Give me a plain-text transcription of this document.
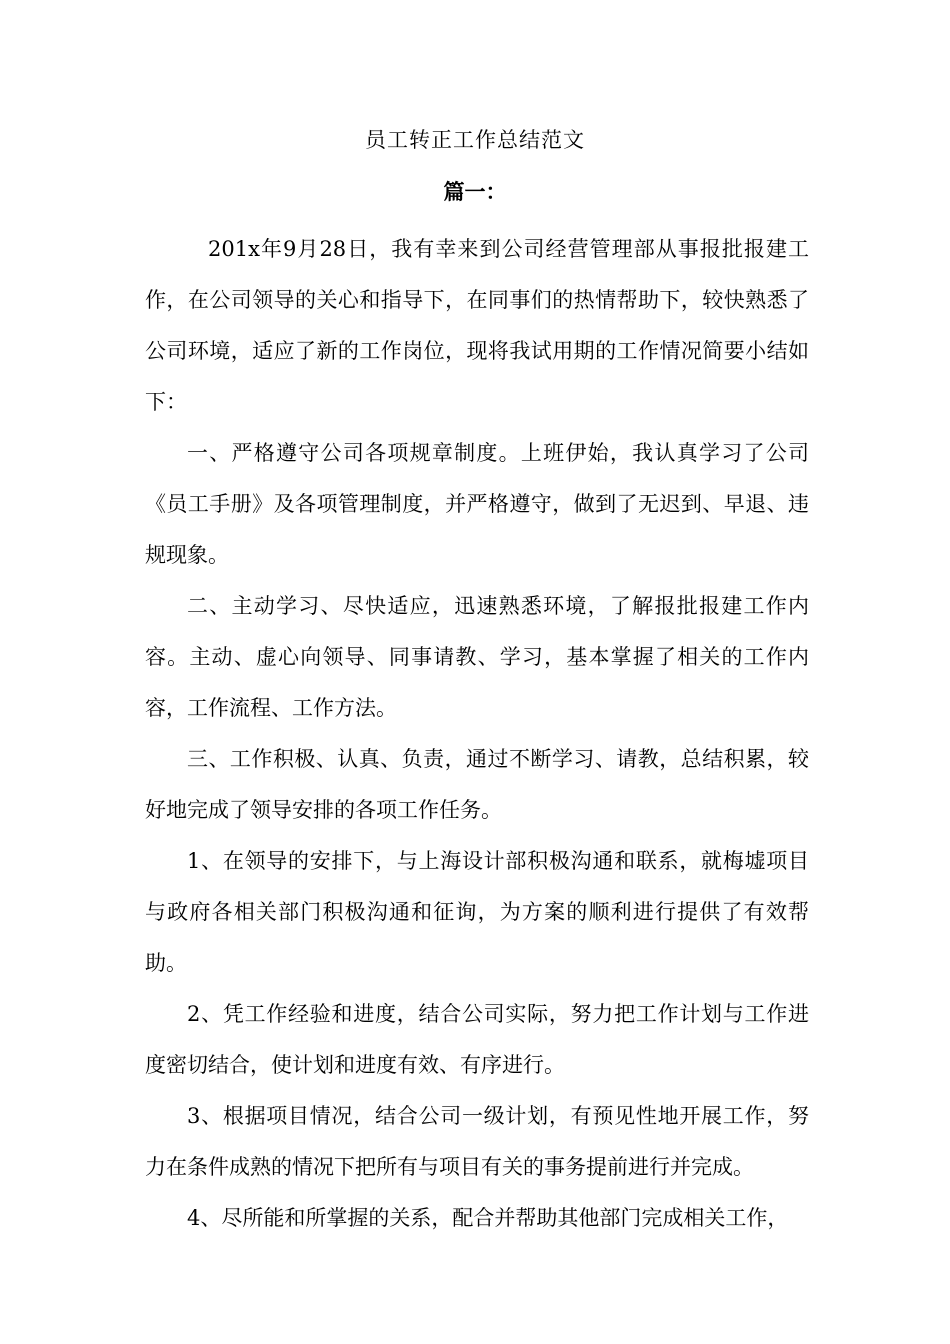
员工转正工作总结范文
篇一：

201x年9月28日，我有幸来到公司经营管理部从事报批报建工作，在公司领导的关心和指导下，在同事们的热情帮助下，较快熟悉了公司环境，适应了新的工作岗位，现将我试用期的工作情况简要小结如下：

一、严格遵守公司各项规章制度。上班伊始，我认真学习了公司《员工手册》及各项管理制度，并严格遵守，做到了无迟到、早退、违规现象。

二、主动学习、尽快适应，迅速熟悉环境，了解报批报建工作内容。主动、虚心向领导、同事请教、学习，基本掌握了相关的工作内容，工作流程、工作方法。

三、工作积极、认真、负责，通过不断学习、请教，总结积累，较好地完成了领导安排的各项工作任务。

1、在领导的安排下，与上海设计部积极沟通和联系，就梅墟项目与政府各相关部门积极沟通和征询，为方案的顺利进行提供了有效帮助。

2、凭工作经验和进度，结合公司实际，努力把工作计划与工作进度密切结合，使计划和进度有效、有序进行。

3、根据项目情况，结合公司一级计划，有预见性地开展工作，努力在条件成熟的情况下把所有与项目有关的事务提前进行并完成。

4、尽所能和所掌握的关系，配合并帮助其他部门完成相关工作，
